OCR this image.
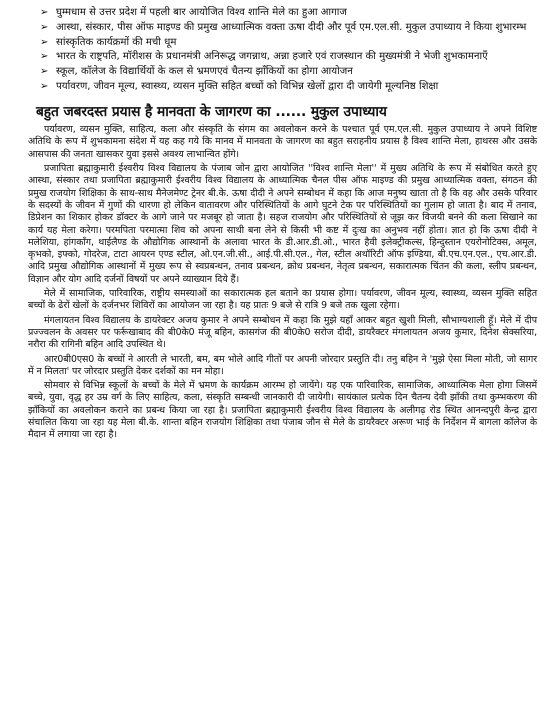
➢ घुम्मधाम से उत्तर प्रदेश में पहली बार आयोजित विश्व शान्ति मेले का हुआ आगाज
➢ आस्था, संस्कार, पीस ऑफ माइण्ड की प्रमुख आध्यात्मिक वक्ता ऊषा दीदी और पूर्व एम.एल.सी. मुकुल उपाध्याय ने किया शुभारम्भ
➢ सांस्कृतिक कार्यक्रमों की मची धूम
➢ भारत के राष्ट्रपति, मॉरीशस के प्रधानमंत्री अनिरूद्ध जगन्नाथ, अन्ना हजारे एवं राजस्थान की मुख्यमंत्री ने भेजी शुभकामनाएँ
➢ स्कूल, कॉलेज के विद्यार्थियों के कल से भ्रमणएवं चैतन्य झाँकियों का होगा आयोजन
➢ पर्यावरण, जीवन मूल्य, स्वास्थ्य, व्यसन मुक्ति सहित बच्चों को विभिन्न खेलों द्वारा दी जायेगी मूल्यनिष्ठ शिक्षा
बहुत जबरदस्त प्रयास है मानवता के जागरण का ...... मुकुल उपाध्याय

पर्यावरण, व्यसन मुक्ति, साहित्य, कला और संस्कृति के संगम का अवलोकन करने के पश्चात पूर्व एम.एल.सी. मुकुल उपाध्याय ने अपने विशिष्ट अतिथि के रूप में शुभकामना संदेश में यह कह गये कि मानव में मानवता के जागरण का बहुत सराहनीय प्रयास है विश्व शान्ति मेला, हाथरस और उसके आसपास की जनता खासकर युवा इससे अवश्य लाभान्वित होंगे।

प्रजापिता ब्रह्माकुमारी ईश्वरीय विश्व विद्यालय के पंजाब जोन द्वारा आयोजित ''विश्व शान्ति मेला'' में मुख्य अतिथि के रूप में संबोधित करते हुए आस्था, संस्कार तथा प्रजापिता ब्रह्माकुमारी ईश्वरीय विश्व विद्यालय के आध्यात्मिक चैनल पीस ऑफ माइण्ड की प्रमुख आध्यात्मिक वक्ता, संगठन की प्रमुख राजयोग शिक्षिका के साथ-साथ मैनेजमेण्ट ट्रेनर बी.के. ऊषा दीदी ने अपने सम्बोधन में कहा कि आज मनुष्य खाता तो है कि वह और उसके परिवार के सदस्यों के जीवन में गुणों की धारणा हो लेकिन वातावरण और परिस्थितियों के आगे घुटने टेक पर परिस्थितियों का गुलाम हो जाता है। बाद में तनाव, डिप्रेशन का शिकार होकर डॉक्टर के आगे जाने पर मजबूर हो जाता है। सहज राजयोग और परिस्थितियों से जूझ कर विजयी बनने की कला सिखाने का कार्य यह मेला करेगा। परमपिता परमात्मा शिव को अपना साथी बना लेने से किसी भी कष्ट में दुःख का अनुभव नहीं होता। ज्ञात हो कि ऊषा दीदी ने मलेशिया, हांगकॉंग, थाईलैण्ड के औद्योगिक आस्थानों के अलावा भारत के डी.आर.डी.ओ., भारत हैवी इलेक्ट्रीकल्स, हिन्दुस्तान एयरोनोटिक्स, अमूल, कृभको, इफ्को, गोदरेज, टाटा आयरन एण्ड स्टील, ओ.एन.जी.सी., आई.पी.सी.एल., गेल, स्टील अथॉरिटी ऑफ इण्डिया, बी.एच.एन.एल., एच.आर.डी. आदि प्रमुख औद्योगिक आस्थानों में मुख्य रूप से स्वप्रबन्धन, तनाव प्रबन्धन, क्रोध प्रबन्धन, नेतृत्व प्रबन्धन, सकारात्मक चिंतन की कला, स्लीप प्रबन्धन, विज्ञान और योग आदि दर्जनों विषयों पर अपने व्याख्यान दिये हैं।

मेले में सामाजिक, पारिवारिक, राष्ट्रीय समस्याओं का सकारात्मक हल बताने का प्रयास होगा। पर्यावरण, जीवन मूल्य, स्वास्थ्य, व्यसन मुक्ति सहित बच्चों के ढेरों खेलों के दर्जनभर शिविरों का आयोजन जा रहा है। यह प्रातः 9 बजे से रात्रि 9 बजे तक खुला रहेगा।

मंगलायतन विश्व विद्यालय के डायरेक्टर अजय कुमार ने अपने सम्बोधन में कहा कि मुझे यहाँ आकर बहुत खुशी मिली, सौभाग्यशाली हूँ। मेले में दीप प्रज्ज्वलन के अवसर पर फर्रूखाबाद की बी0के0 मंजू बहिन, कासगंज की बी0के0 सरोज दीदी, डायरैक्टर मंगलायतन अजय कुमार, दिनेश सेक्सरिया, नरौरा की रागिनी बहिन आदि उपस्थित थे।

आर0बी0एस0 के बच्चों ने आरती ले भारती, बम, बम भोले आदि गीतों पर अपनी जोरदार प्रस्तुति दी। तनु बहिन ने 'मुझे ऐसा मिला मोती, जो सागर में न मिलता' पर जोरदार प्रस्तुति देकर दर्शकों का मन मोहा।

सोमवार से विभिन्न स्कूलों के बच्चों के मेले में भ्रमण के कार्यक्रम आरम्भ हो जायेंगे। यह एक पारिवारिक, सामाजिक, आध्यात्मिक मेला होगा जिसमें बच्चे, युवा, वृद्ध हर उम्र वर्ग के लिए साहित्य, कला, संस्कृति सम्बन्धी जानकारी दी जायेगी। सायंकाल प्रत्येक दिन चैतन्य देवी झाँकी तथा कुम्भकरण की झाँकियों का अवलोकन कराने का प्रबन्ध किया जा रहा है। प्रजापिता ब्रह्माकुमारी ईश्वरीय विश्व विद्यालय के अलीगढ़ रोड स्थित आनन्दपुरी केन्द्र द्वारा संचालित किया जा रहा यह मेला बी.के. शान्ता बहिन राजयोग शिक्षिका तथा पंजाब जौन से मेले के डायरैक्टर अरूण भाई के निर्देशन में बागला कॉलेज के मैदान में लगाया जा रहा है।
